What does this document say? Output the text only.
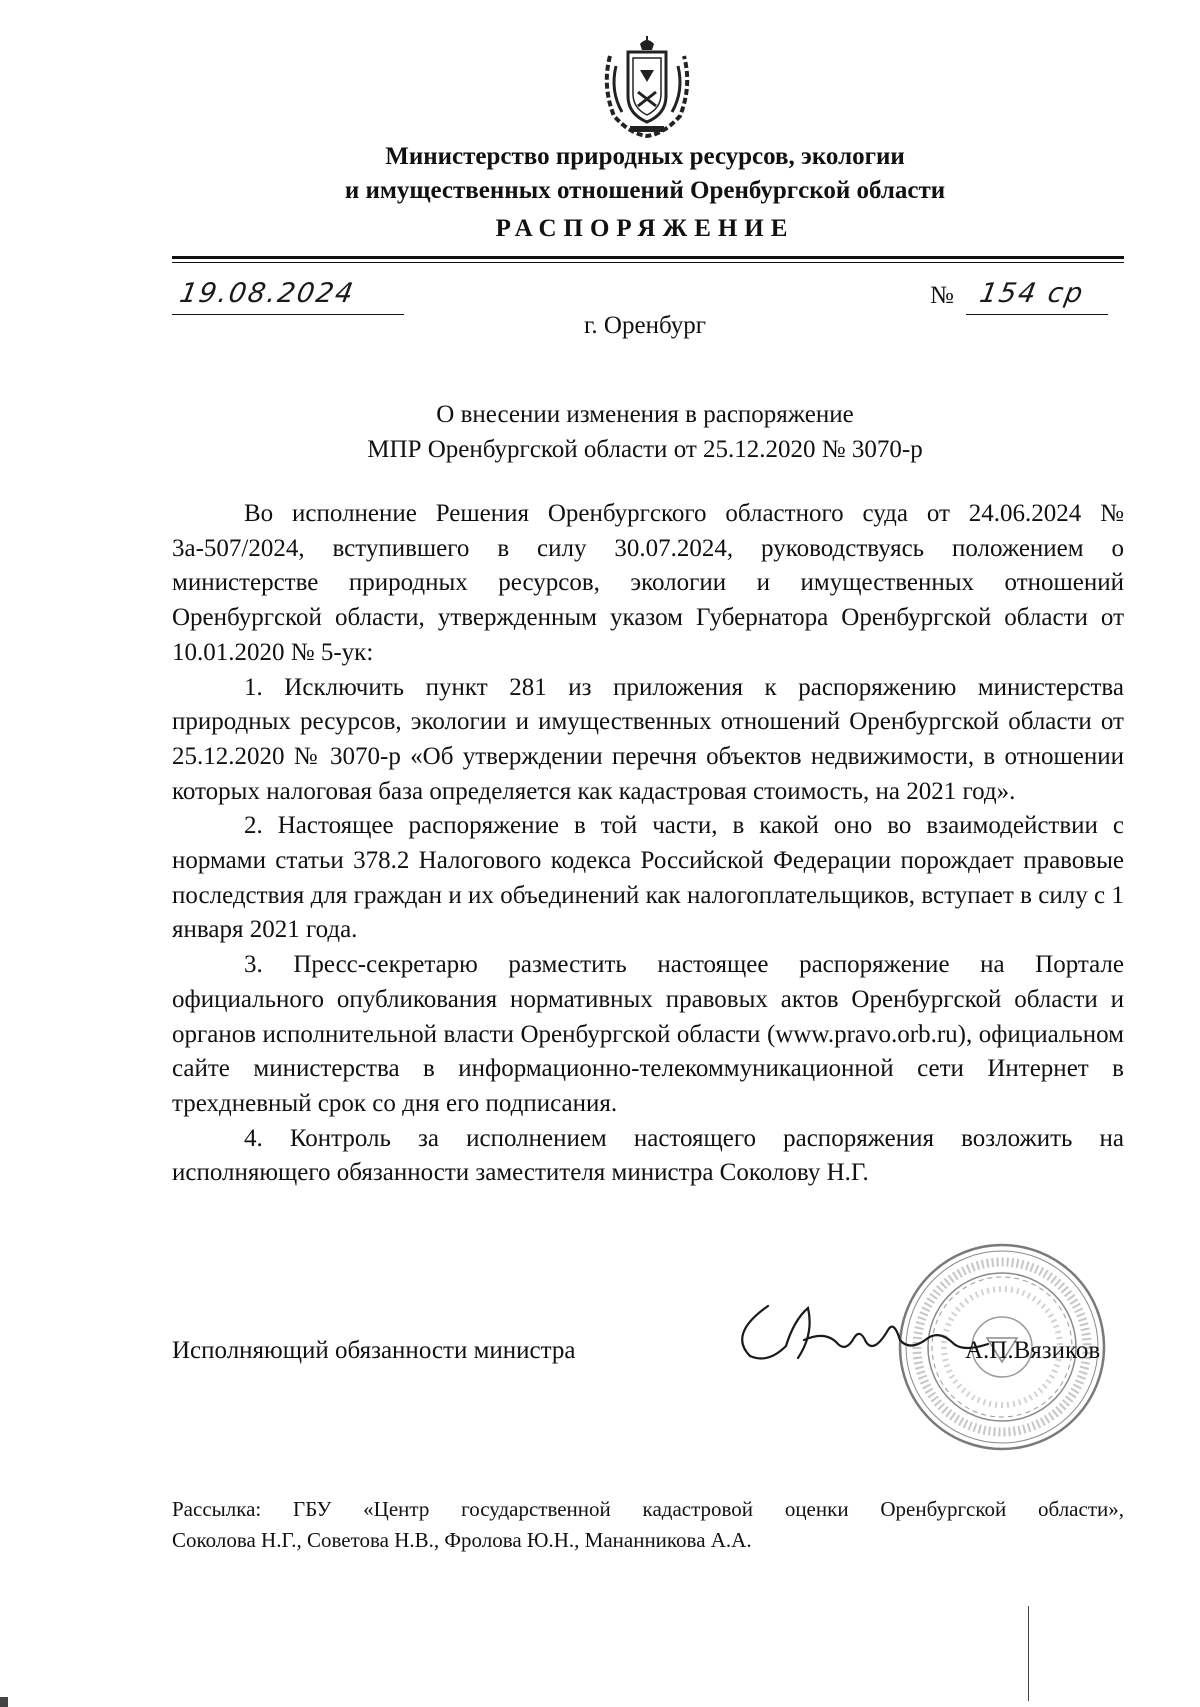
Министерство природных ресурсов, экологии
и имущественных отношений Оренбургской области
РАСПОРЯЖЕНИЕ
19.08.2024	№ 154 ср
г. Оренбург
О внесении изменения в распоряжение
МПР Оренбургской области от 25.12.2020 № 3070-р

Во исполнение Решения Оренбургского областного суда от 24.06.2024 № 3а-507/2024, вступившего в силу 30.07.2024, руководствуясь положением о министерстве природных ресурсов, экологии и имущественных отношений Оренбургской области, утвержденным указом Губернатора Оренбургской области от 10.01.2020 № 5-ук:

1. Исключить пункт 281 из приложения к распоряжению министерства природных ресурсов, экологии и имущественных отношений Оренбургской области от 25.12.2020 № 3070-р «Об утверждении перечня объектов недвижимости, в отношении которых налоговая база определяется как кадастровая стоимость, на 2021 год».

2. Настоящее распоряжение в той части, в какой оно во взаимодействии с нормами статьи 378.2 Налогового кодекса Российской Федерации порождает правовые последствия для граждан и их объединений как налогоплательщиков, вступает в силу с 1 января 2021 года.

3. Пресс-секретарю разместить настоящее распоряжение на Портале официального опубликования нормативных правовых актов Оренбургской области и органов исполнительной власти Оренбургской области (www.pravo.orb.ru), официальном сайте министерства в информационно-телекоммуникационной сети Интернет в трехдневный срок со дня его подписания.

4. Контроль за исполнением настоящего распоряжения возложить на исполняющего обязанности заместителя министра Соколову Н.Г.

Исполняющий обязанности министра	А.П.Вязиков
Рассылка: ГБУ «Центр государственной кадастровой оценки Оренбургской области»,
Соколова Н.Г., Советова Н.В., Фролова Ю.Н., Мананникова А.А.
